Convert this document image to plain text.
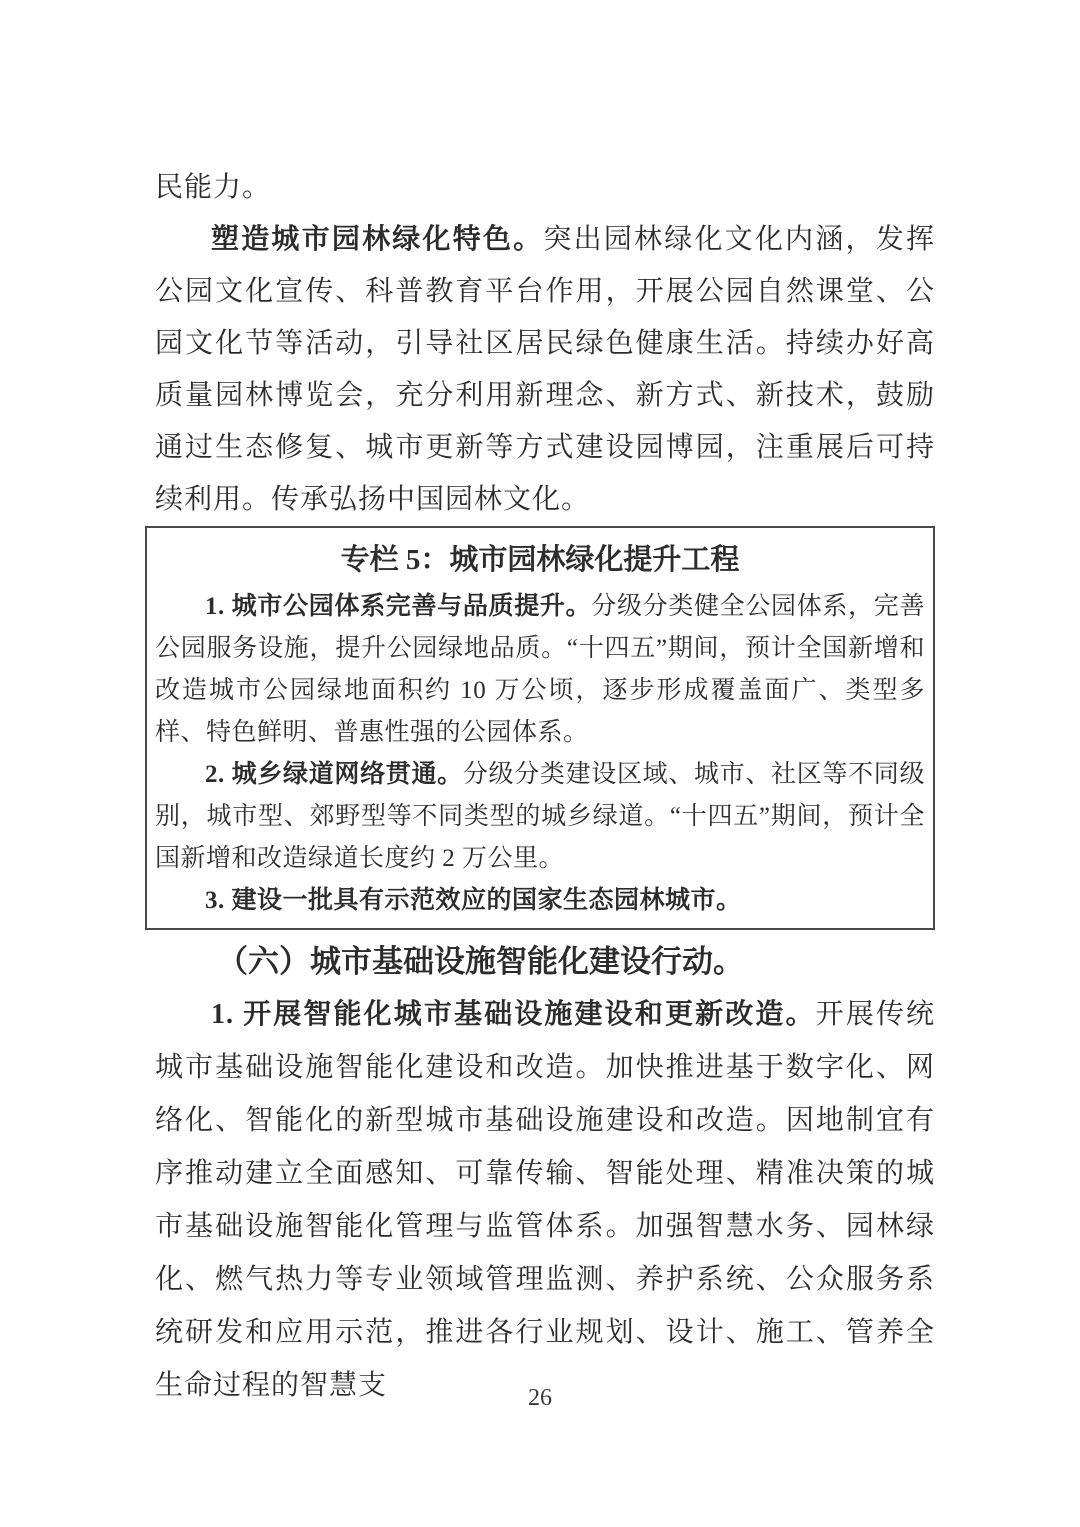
民能力。

塑造城市园林绿化特色。突出园林绿化文化内涵，发挥公园文化宣传、科普教育平台作用，开展公园自然课堂、公园文化节等活动，引导社区居民绿色健康生活。持续办好高质量园林博览会，充分利用新理念、新方式、新技术，鼓励通过生态修复、城市更新等方式建设园博园，注重展后可持续利用。传承弘扬中国园林文化。

专栏 5：城市园林绿化提升工程

1. 城市公园体系完善与品质提升。分级分类健全公园体系，完善公园服务设施，提升公园绿地品质。“十四五”期间，预计全国新增和改造城市公园绿地面积约 10 万公顷，逐步形成覆盖面广、类型多样、特色鲜明、普惠性强的公园体系。

2. 城乡绿道网络贯通。分级分类建设区域、城市、社区等不同级别，城市型、郊野型等不同类型的城乡绿道。“十四五”期间，预计全国新增和改造绿道长度约 2 万公里。

3. 建设一批具有示范效应的国家生态园林城市。

（六）城市基础设施智能化建设行动。

1. 开展智能化城市基础设施建设和更新改造。开展传统城市基础设施智能化建设和改造。加快推进基于数字化、网络化、智能化的新型城市基础设施建设和改造。因地制宜有序推动建立全面感知、可靠传输、智能处理、精准决策的城市基础设施智能化管理与监管体系。加强智慧水务、园林绿化、燃气热力等专业领域管理监测、养护系统、公众服务系统研发和应用示范，推进各行业规划、设计、施工、管养全生命过程的智慧支	26
